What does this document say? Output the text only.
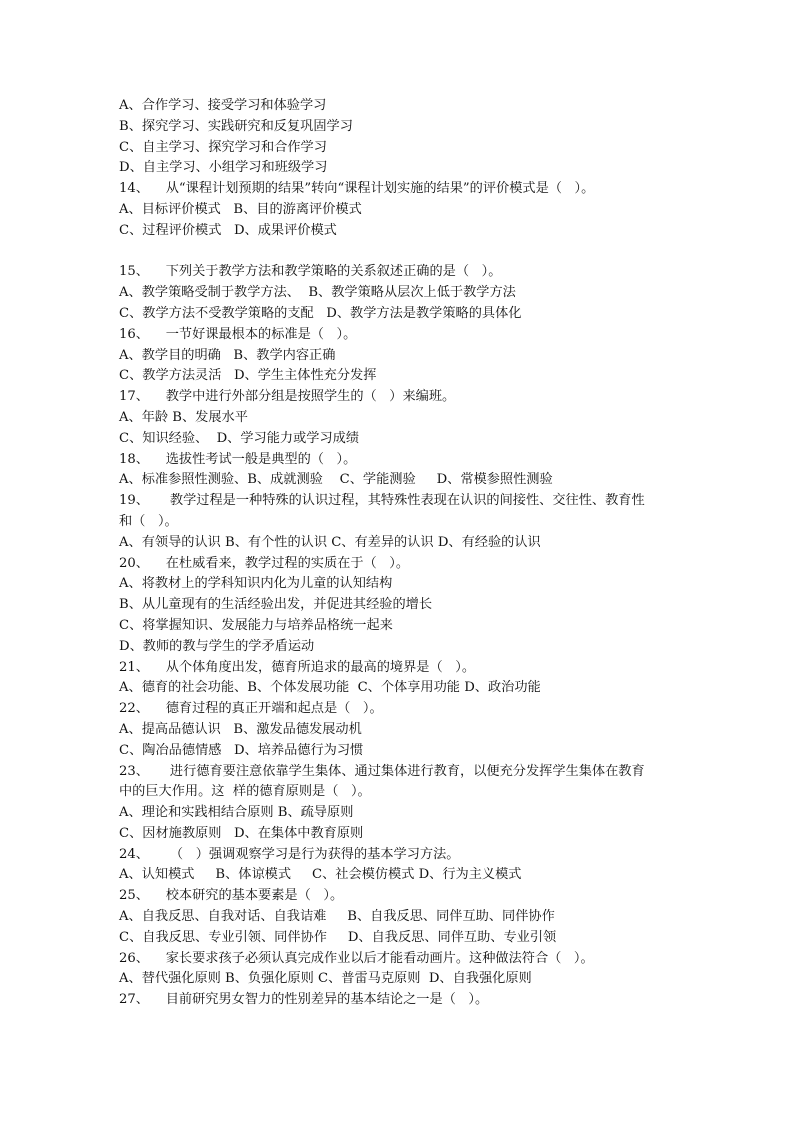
A、合作学习、接受学习和体验学习
B、探究学习、实践研究和反复巩固学习
C、自主学习、探究学习和合作学习
D、自主学习、小组学习和班级学习
14、    从“课程计划预期的结果”转向“课程计划实施的结果”的评价模式是（   ）。
A、目标评价模式   B、目的游离评价模式
C、过程评价模式   D、成果评价模式
15、    下列关于教学方法和教学策略的关系叙述正确的是（   ）。
A、教学策略受制于教学方法、  B、教学策略从层次上低于教学方法
C、教学方法不受教学策略的支配   D、教学方法是教学策略的具体化
16、    一节好课最根本的标准是（   ）。
A、教学目的明确   B、教学内容正确
C、教学方法灵活   D、学生主体性充分发挥
17、    教学中进行外部分组是按照学生的（   ）来编班。
A、年龄 B、发展水平
C、知识经验、  D、学习能力或学习成绩
18、    选拔性考试一般是典型的（   ）。
A、标准参照性测验、B、成就测验    C、学能测验     D、常模参照性测验
19、     教学过程是一种特殊的认识过程，其特殊性表现在认识的间接性、交往性、教育性
和（   ）。
A、有领导的认识 B、有个性的认识 C、有差异的认识 D、有经验的认识
20、    在杜威看来，教学过程的实质在于（   ）。
A、将教材上的学科知识内化为儿童的认知结构
B、从儿童现有的生活经验出发，并促进其经验的增长
C、将掌握知识、发展能力与培养品格统一起来
D、教师的教与学生的学矛盾运动
21、    从个体角度出发，德育所追求的最高的境界是（   ）。
A、德育的社会功能、B、个体发展功能  C、个体享用功能 D、政治功能
22、    德育过程的真正开端和起点是（   ）。
A、提高品德认识   B、激发品德发展动机
C、陶冶品德情感   D、培养品德行为习惯
23、     进行德育要注意依靠学生集体、通过集体进行教育，以便充分发挥学生集体在教育
中的巨大作用。这  样的德育原则是（   ）。
A、理论和实践相结合原则 B、疏导原则
C、因材施教原则   D、在集体中教育原则
24、     （   ）强调观察学习是行为获得的基本学习方法。
A、认知模式     B、体谅模式     C、社会模仿模式 D、行为主义模式
25、    校本研究的基本要素是（   ）。
A、自我反思、自我对话、自我诘难     B、自我反思、同伴互助、同伴协作
C、自我反思、专业引领、同伴协作     D、自我反思、同伴互助、专业引领
26、    家长要求孩子必须认真完成作业以后才能看动画片。这种做法符合（   ）。
A、替代强化原则 B、负强化原则 C、普雷马克原则  D、自我强化原则
27、    目前研究男女智力的性别差异的基本结论之一是（   ）。
